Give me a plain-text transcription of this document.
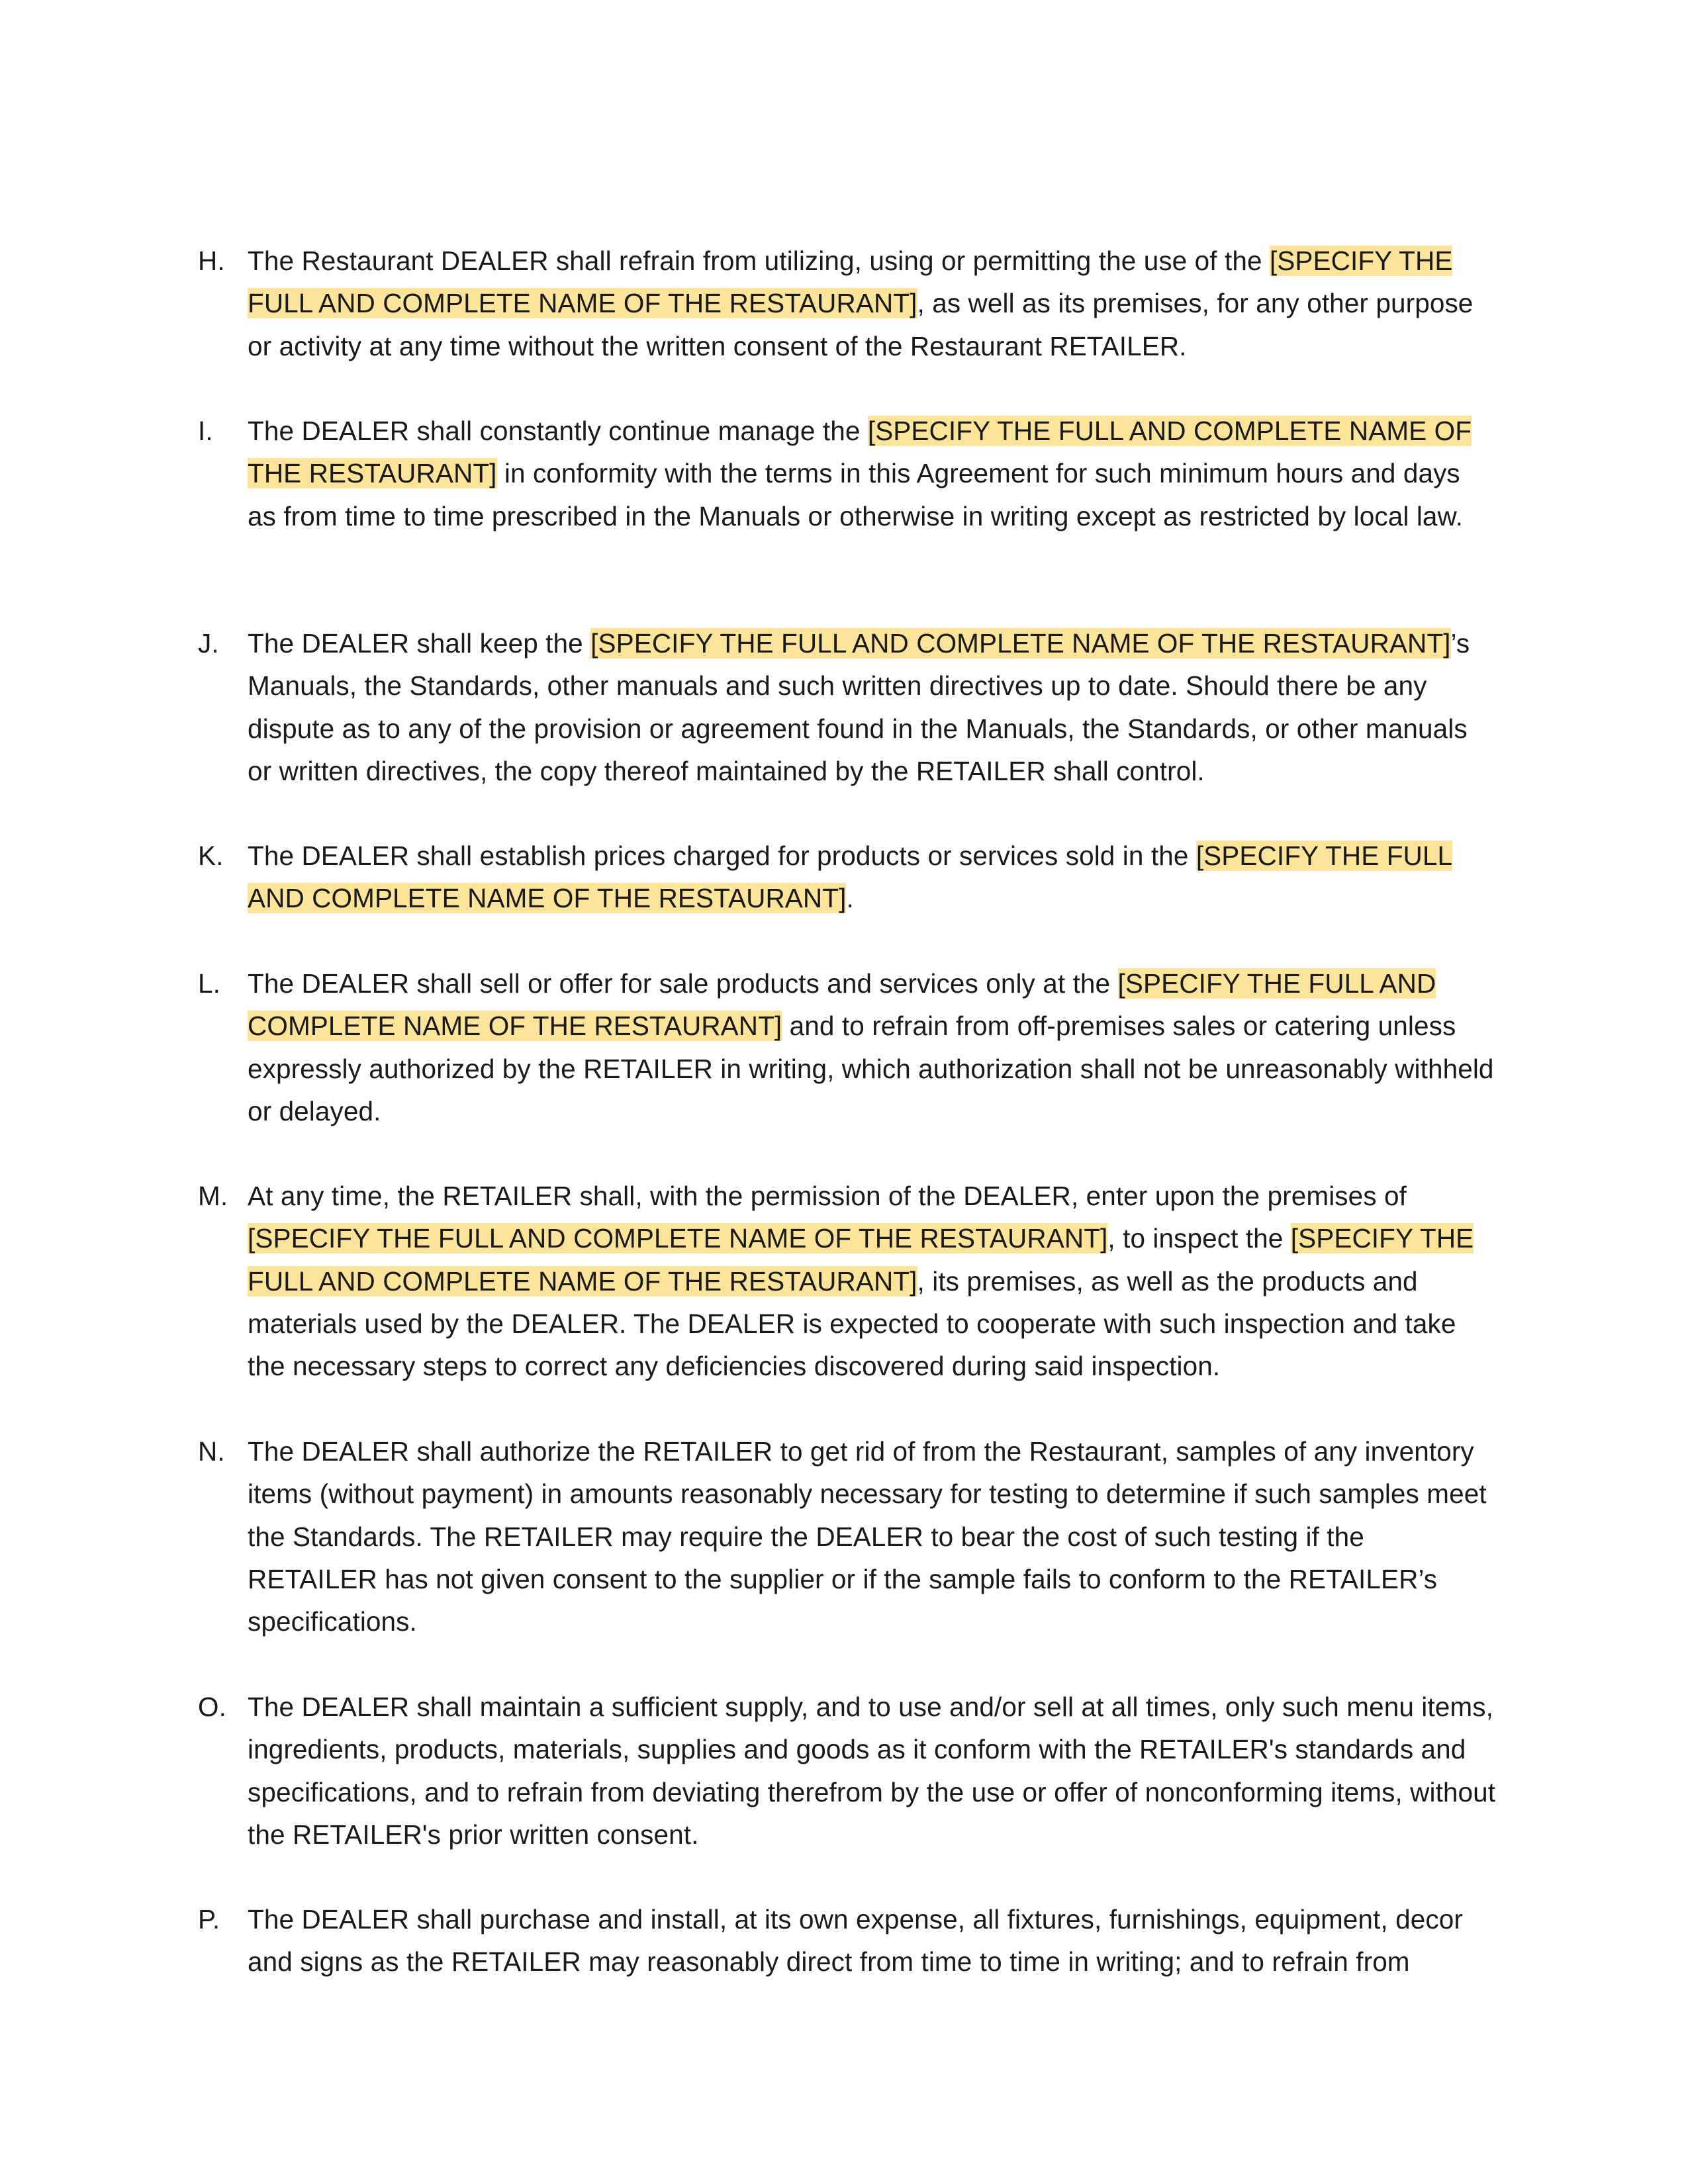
H. The Restaurant DEALER shall refrain from utilizing, using or permitting the use of the [SPECIFY THE FULL AND COMPLETE NAME OF THE RESTAURANT], as well as its premises, for any other purpose or activity at any time without the written consent of the Restaurant RETAILER.

I. The DEALER shall constantly continue manage the [SPECIFY THE FULL AND COMPLETE NAME OF THE RESTAURANT] in conformity with the terms in this Agreement for such minimum hours and days as from time to time prescribed in the Manuals or otherwise in writing except as restricted by local law.

J. The DEALER shall keep the [SPECIFY THE FULL AND COMPLETE NAME OF THE RESTAURANT]’s Manuals, the Standards, other manuals and such written directives up to date. Should there be any dispute as to any of the provision or agreement found in the Manuals, the Standards, or other manuals or written directives, the copy thereof maintained by the RETAILER shall control.

K. The DEALER shall establish prices charged for products or services sold in the [SPECIFY THE FULL AND COMPLETE NAME OF THE RESTAURANT].

L. The DEALER shall sell or offer for sale products and services only at the [SPECIFY THE FULL AND COMPLETE NAME OF THE RESTAURANT] and to refrain from off-premises sales or catering unless expressly authorized by the RETAILER in writing, which authorization shall not be unreasonably withheld or delayed.

M. At any time, the RETAILER shall, with the permission of the DEALER, enter upon the premises of [SPECIFY THE FULL AND COMPLETE NAME OF THE RESTAURANT], to inspect the [SPECIFY THE FULL AND COMPLETE NAME OF THE RESTAURANT], its premises, as well as the products and materials used by the DEALER. The DEALER is expected to cooperate with such inspection and take the necessary steps to correct any deficiencies discovered during said inspection.

N. The DEALER shall authorize the RETAILER to get rid of from the Restaurant, samples of any inventory items (without payment) in amounts reasonably necessary for testing to determine if such samples meet the Standards. The RETAILER may require the DEALER to bear the cost of such testing if the RETAILER has not given consent to the supplier or if the sample fails to conform to the RETAILER’s specifications.

O. The DEALER shall maintain a sufficient supply, and to use and/or sell at all times, only such menu items, ingredients, products, materials, supplies and goods as it conform with the RETAILER's standards and specifications, and to refrain from deviating therefrom by the use or offer of nonconforming items, without the RETAILER's prior written consent.

P. The DEALER shall purchase and install, at its own expense, all fixtures, furnishings, equipment, decor and signs as the RETAILER may reasonably direct from time to time in writing; and to refrain from
